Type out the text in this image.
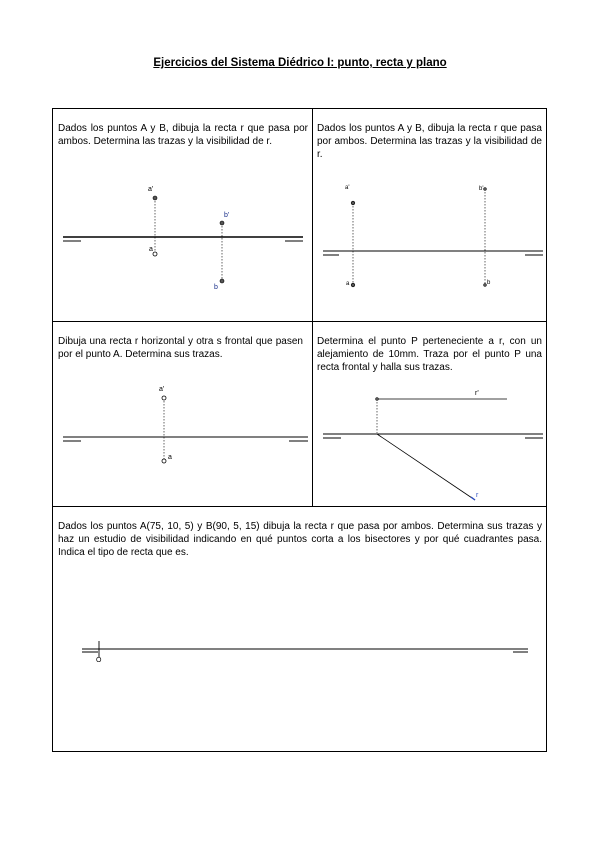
Ejercicios del Sistema Diédrico I: punto, recta y plano

Dados los puntos A y B, dibuja la recta r que pasa por ambos. Determina las trazas y la visibilidad de r.

a'
a
b'
b

Dados los puntos A y B, dibuja la recta r que pasa por ambos. Determina las trazas y la visibilidad de r.

a'
a
b'
b

Dibuja una recta r horizontal y otra s frontal que pasen por el punto A. Determina sus trazas.

a'
a

Determina el punto P perteneciente a r, con un alejamiento de 10mm. Traza por el punto P una recta frontal y halla sus trazas.

r'
r

Dados los puntos A(75, 10, 5) y B(90, 5, 15) dibuja la recta r que pasa por ambos. Determina sus trazas y haz un estudio de visibilidad indicando en qué puntos corta a los bisectores y por qué cuadrantes pasa. Indica el tipo de recta que es.

O
